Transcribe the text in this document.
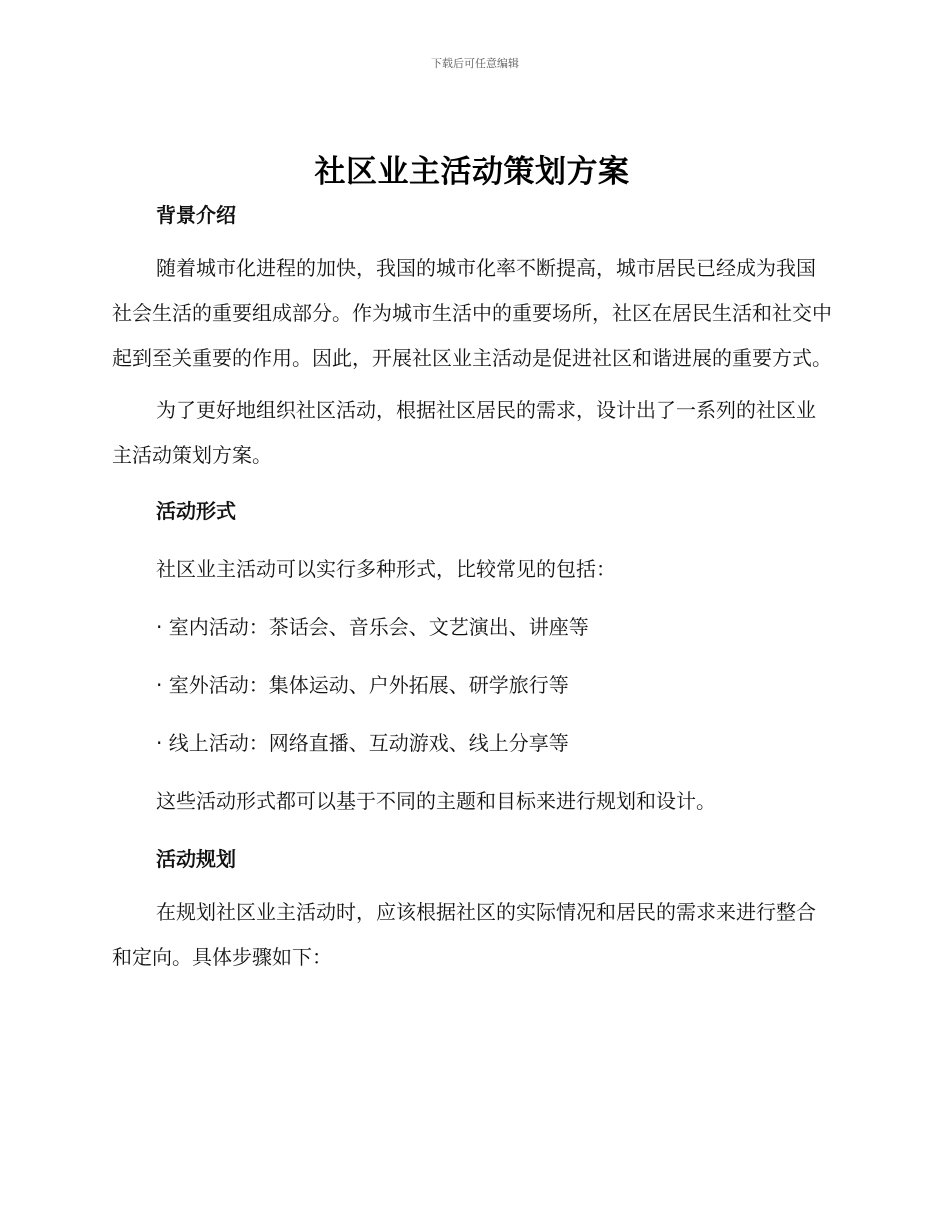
下载后可任意编辑
社区业主活动策划方案
背景介绍

随着城市化进程的加快，我国的城市化率不断提高，城市居民已经成为我国社会生活的重要组成部分。作为城市生活中的重要场所，社区在居民生活和社交中起到至关重要的作用。因此，开展社区业主活动是促进社区和谐进展的重要方式。

为了更好地组织社区活动，根据社区居民的需求，设计出了一系列的社区业主活动策划方案。

活动形式
社区业主活动可以实行多种形式，比较常见的包括：
· 室内活动：茶话会、音乐会、文艺演出、讲座等
· 室外活动：集体运动、户外拓展、研学旅行等
· 线上活动：网络直播、互动游戏、线上分享等
这些活动形式都可以基于不同的主题和目标来进行规划和设计。
活动规划

在规划社区业主活动时，应该根据社区的实际情况和居民的需求来进行整合和定向。具体步骤如下：
